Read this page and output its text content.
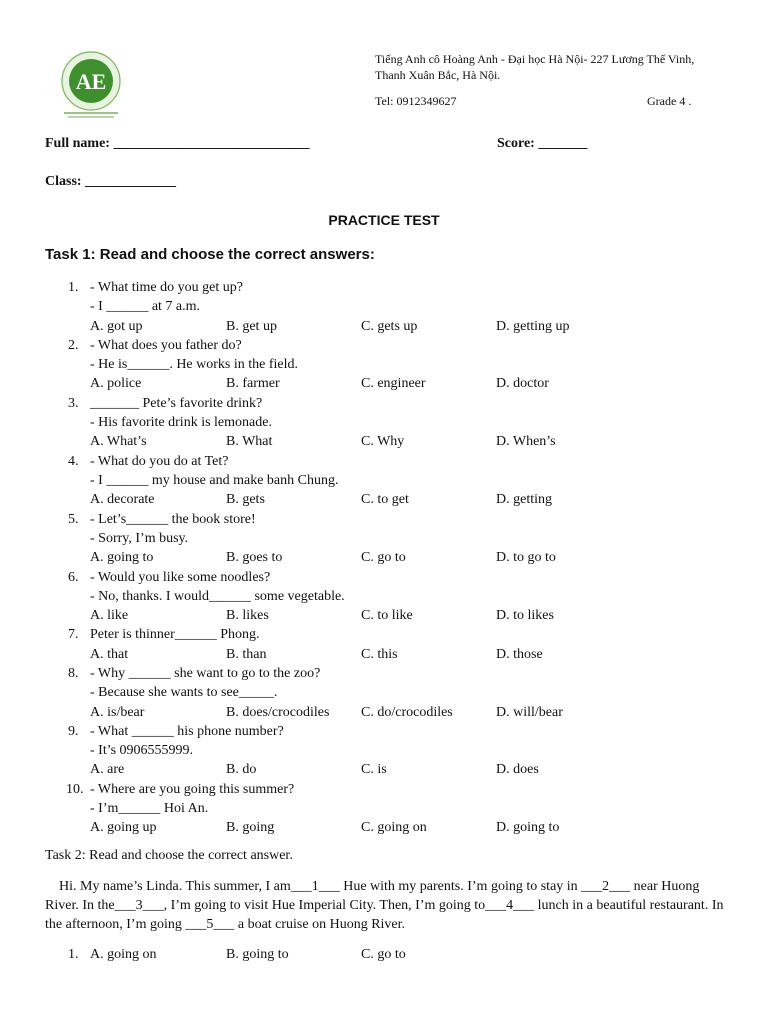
AE
Tiếng Anh cô Hoàng Anh - Đại học Hà Nội- 227 Lương Thế Vinh,
Thanh Xuân Bắc, Hà Nội.
Tel: 0912349627	Grade 4 .
Full name: ____________________________	Score: _______
Class: _____________
PRACTICE TEST
Task 1: Read and choose the correct answers:
1. - What time do you get up?
- I ______ at 7 a.m.
A. got up	B. get up	C. gets up	D. getting up
2. - What does you father do?
- He is______. He works in the field.
A. police	B. farmer	C. engineer	D. doctor
3. _______ Pete’s favorite drink?
- His favorite drink is lemonade.
A. What’s	B. What	C. Why	D. When’s
4. - What do you do at Tet?
- I ______ my house and make banh Chung.
A. decorate	B. gets	C. to get	D. getting
5. - Let’s______ the book store!
- Sorry, I’m busy.
A. going to	B. goes to	C. go to	D. to go to
6. - Would you like some noodles?
- No, thanks. I would______ some vegetable.
A. like	B. likes	C. to like	D. to likes
7. Peter is thinner______ Phong.
A. that	B. than	C. this	D. those
8. - Why ______ she want to go to the zoo?
- Because she wants to see_____.
A. is/bear	B. does/crocodiles C. do/crocodiles	D. will/bear
9. - What ______ his phone number?
- It’s 0906555999.
A. are	B. do	C. is	D. does
10. - Where are you going this summer?
- I’m______ Hoi An.
A. going up	B. going	C. going on	D. going to
Task 2: Read and choose the correct answer.
Hi. My name’s Linda. This summer, I am___1___ Hue with my parents. I’m going to stay in ___2___ near Huong River. In the___3___, I’m going to visit Hue Imperial City. Then, I’m going to___4___ lunch in a beautiful restaurant. In the afternoon, I’m going ___5___ a boat cruise on Huong River.
1. A. going on	B. going to	C. go to
